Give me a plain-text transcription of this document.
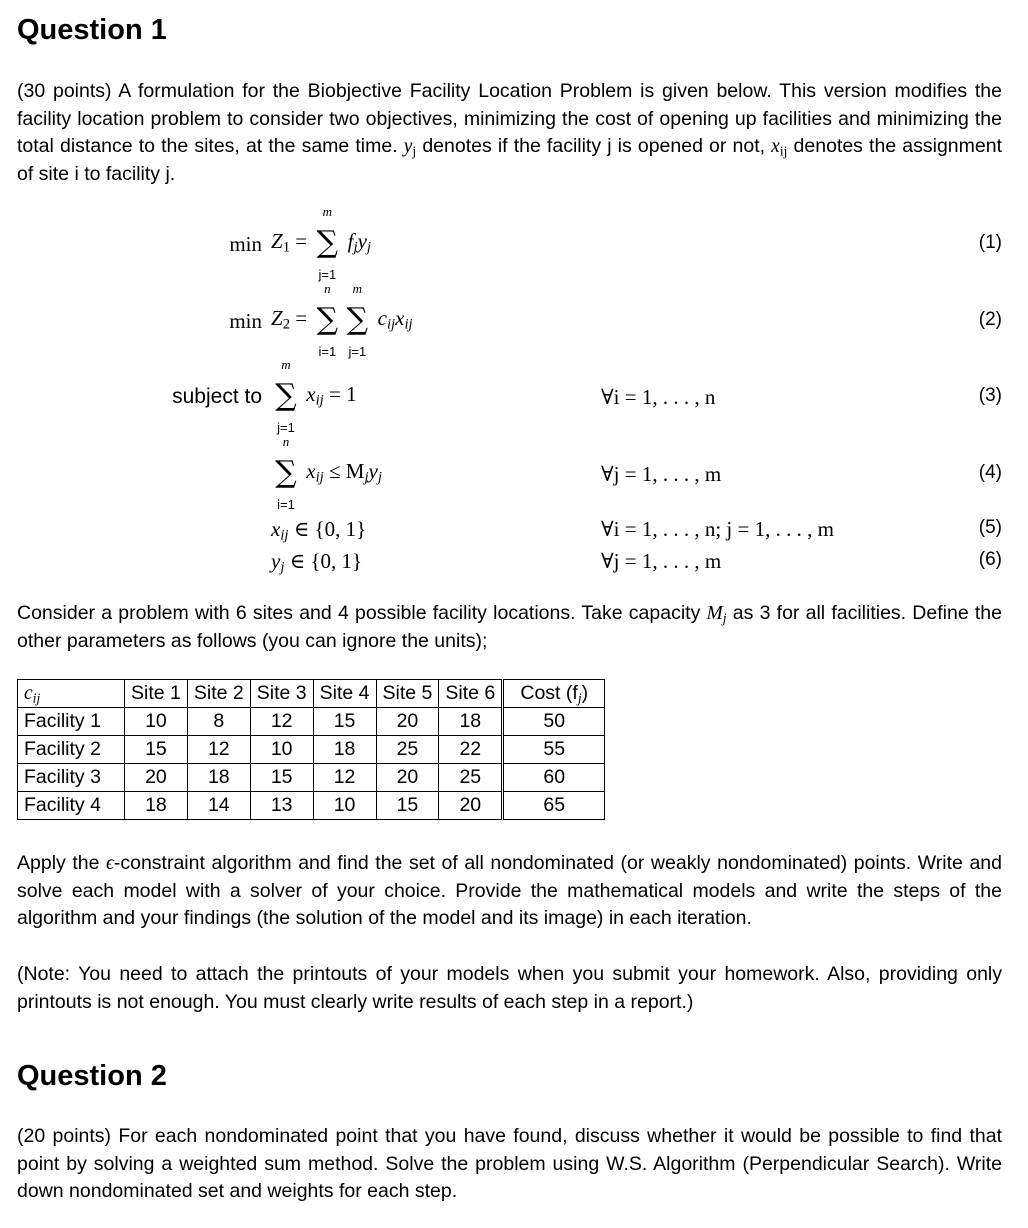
Question 1

(30 points) A formulation for the Biobjective Facility Location Problem is given below. This version modifies the facility location problem to consider two objectives, minimizing the cost of opening up facilities and minimizing the total distance to the sites, at the same time. $y_j$ denotes if the facility j is opened or not, $x_{ij}$ denotes the assignment of site i to facility j.

$\min Z_1$ =
m
∑
j=1
$f_jy_j$	(1)
$\min Z_2$ =
n
∑
i=1
m
∑
j=1
$c_{ij}x_{ij}$	(2)
subject to
m
∑
j=1
$x_{ij} = 1$	∀i = 1, . . . , n	(3)
n
∑
i=1
$x_{ij} \le M_jy_j$	∀j = 1, . . . , m	(4)
$x_{ij}$ ∈ {0, 1}	∀i = 1, . . . , n; j = 1, . . . , m	(5)
$y_j$ ∈ {0, 1}	∀j = 1, . . . , m	(6)

Consider a problem with 6 sites and 4 possible facility locations. Take capacity $M_j$ as 3 for all facilities. Define the other parameters as follows (you can ignore the units);

$c_{ij}$	Site 1	Site 2	Site 3	Site 4	Site 5	Site 6	Cost $(f_j)$
Facility 1	10	8	12	15	20	18	50
Facility 2	15	12	10	18	25	22	55
Facility 3	20	18	15	12	20	25	60
Facility 4	18	14	13	10	15	20	65

Apply the ϵ-constraint algorithm and find the set of all nondominated (or weakly nondominated) points. Write and solve each model with a solver of your choice. Provide the mathematical models and write the steps of the algorithm and your findings (the solution of the model and its image) in each iteration.

(Note: You need to attach the printouts of your models when you submit your homework. Also, providing only printouts is not enough. You must clearly write results of each step in a report.)

Question 2

(20 points) For each nondominated point that you have found, discuss whether it would be possible to find that point by solving a weighted sum method. Solve the problem using W.S. Algorithm (Perpendicular Search). Write down nondominated set and weights for each step.
